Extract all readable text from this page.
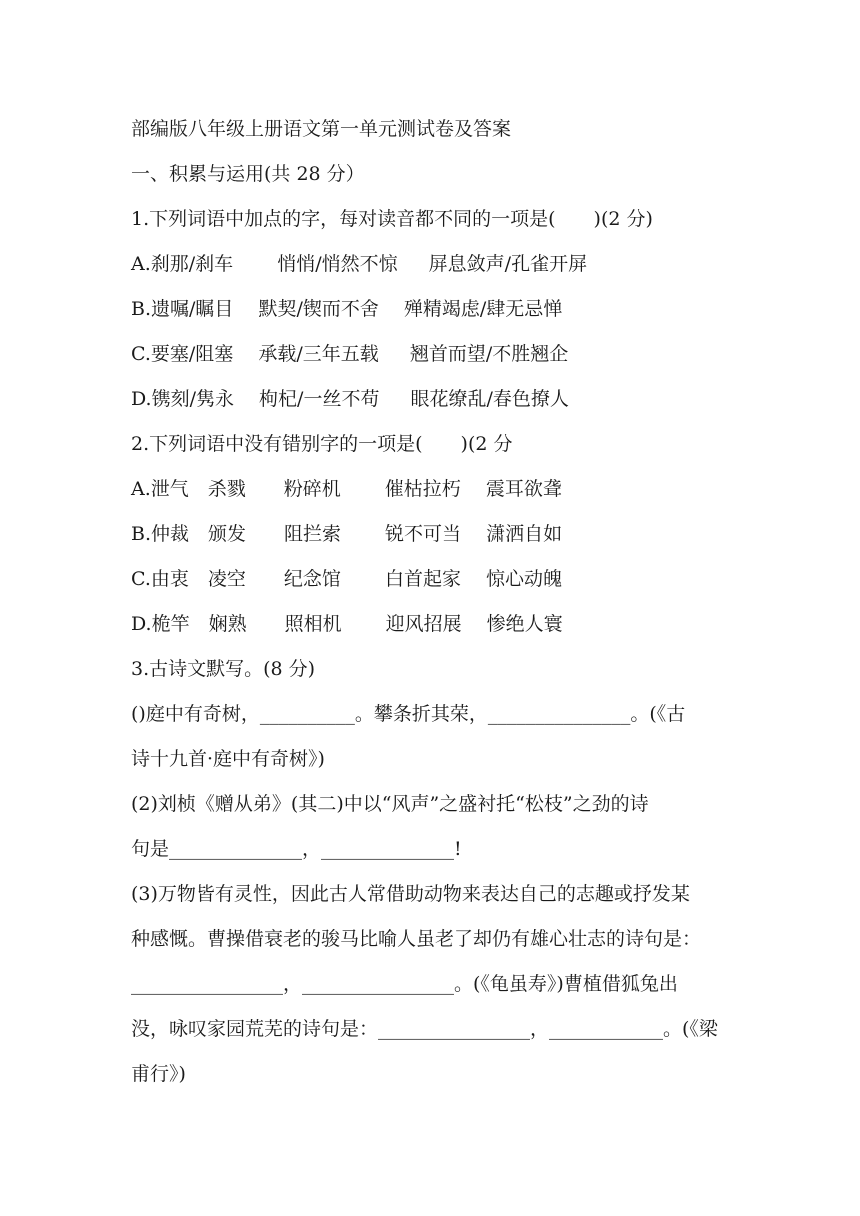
部编版八年级上册语文第一单元测试卷及答案
一、积累与运用(共 28 分）
1.下列词语中加点的字，每对读音都不同的一项是(　　)(2 分)
A.刹那/刹车　　 悄悄/悄然不惊　  屏息敛声/孔雀开屏
B.遗嘱/瞩目　 默契/锲而不舍　 殚精竭虑/肆无忌惮
C.要塞/阻塞　 承载/三年五载　  翘首而望/不胜翘企
D.镌刻/隽永　 枸杞/一丝不苟　  眼花缭乱/春色撩人
2.下列词语中没有错别字的一项是(　　)(2 分
A.泄气　杀戮　　粉碎机　　 催枯拉朽　 震耳欲聋
B.仲裁　颁发　　阻拦索　　 锐不可当　 潇洒自如
C.由衷　凌空　　纪念馆　　 白首起家　 惊心动魄
D.桅竿　娴熟　　照相机　　 迎风招展　 惨绝人寰
3.古诗文默写。(8 分)
()庭中有奇树，__________。攀条折其荣，_______________。(《古
诗十九首·庭中有奇树》)
(2)刘桢《赠从弟》(其二)中以“风声”之盛衬托“松枝”之劲的诗
句是______________，______________!
(3)万物皆有灵性，因此古人常借助动物来表达自己的志趣或抒发某
种感慨。曹操借衰老的骏马比喻人虽老了却仍有雄心壮志的诗句是：
________________，________________。(《龟虽寿》)曹植借狐兔出
没，咏叹家园荒芜的诗句是：________________，____________。(《梁
甫行》)
